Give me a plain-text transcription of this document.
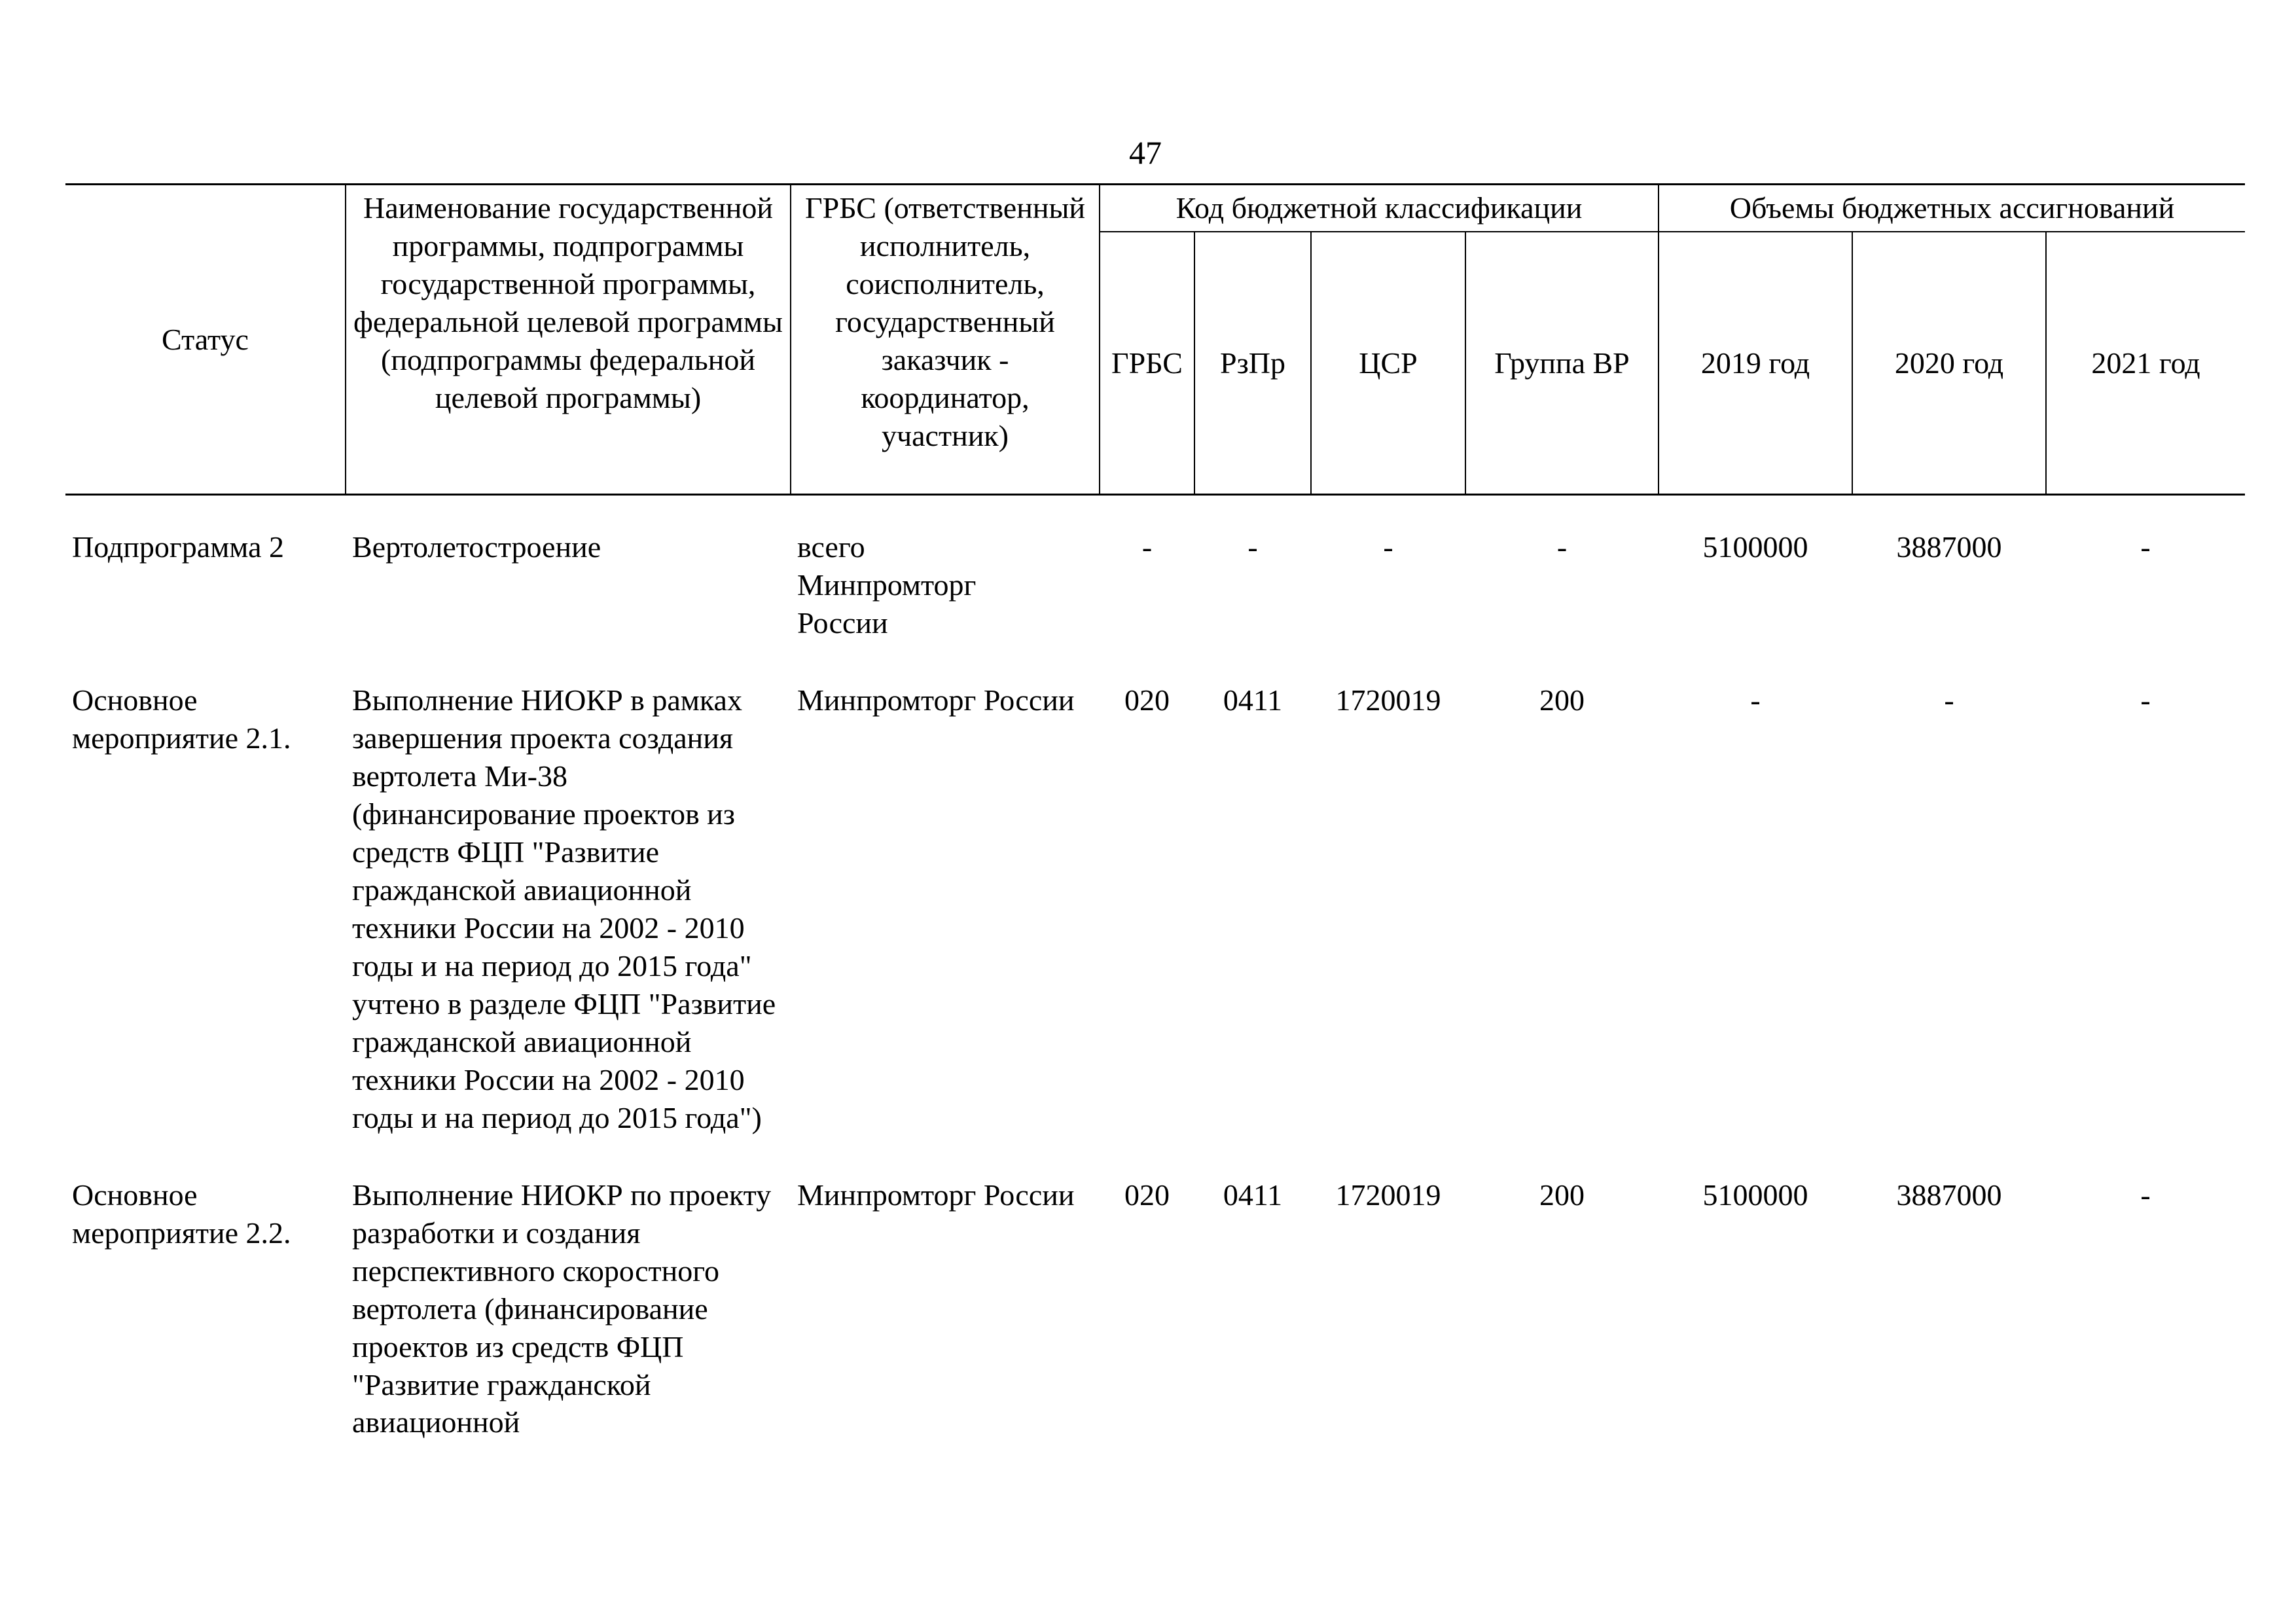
47
Статус	Наименование государственной программы, подпрограммы государственной программы, федеральной целевой программы (подпрограммы федеральной целевой программы)	ГРБС (ответственный исполнитель, соисполнитель, государственный заказчик - координатор, участник)	Код бюджетной классификации				Объемы бюджетных ассигнований		
			ГРБС	РзПр	ЦСР	Группа ВР	2019 год	2020 год	2021 год

Подпрограмма 2	Вертолетостроение	всего Минпромторг России	-	-	-	-	5100000	3887000	-
Основное мероприятие 2.1.	Выполнение НИОКР в рамках завершения проекта создания вертолета Ми-38 (финансирование проектов из средств ФЦП "Развитие гражданской авиационной техники России на 2002 - 2010 годы и на период до 2015 года" учтено в разделе ФЦП "Развитие гражданской авиационной техники России на 2002 - 2010 годы и на период до 2015 года")	Минпромторг России	020	0411	1720019	200	-	-	-
Основное мероприятие 2.2.	Выполнение НИОКР по проекту разработки и создания перспективного скоростного вертолета (финансирование проектов из средств ФЦП "Развитие гражданской авиационной	Минпромторг России	020	0411	1720019	200	5100000	3887000	-
